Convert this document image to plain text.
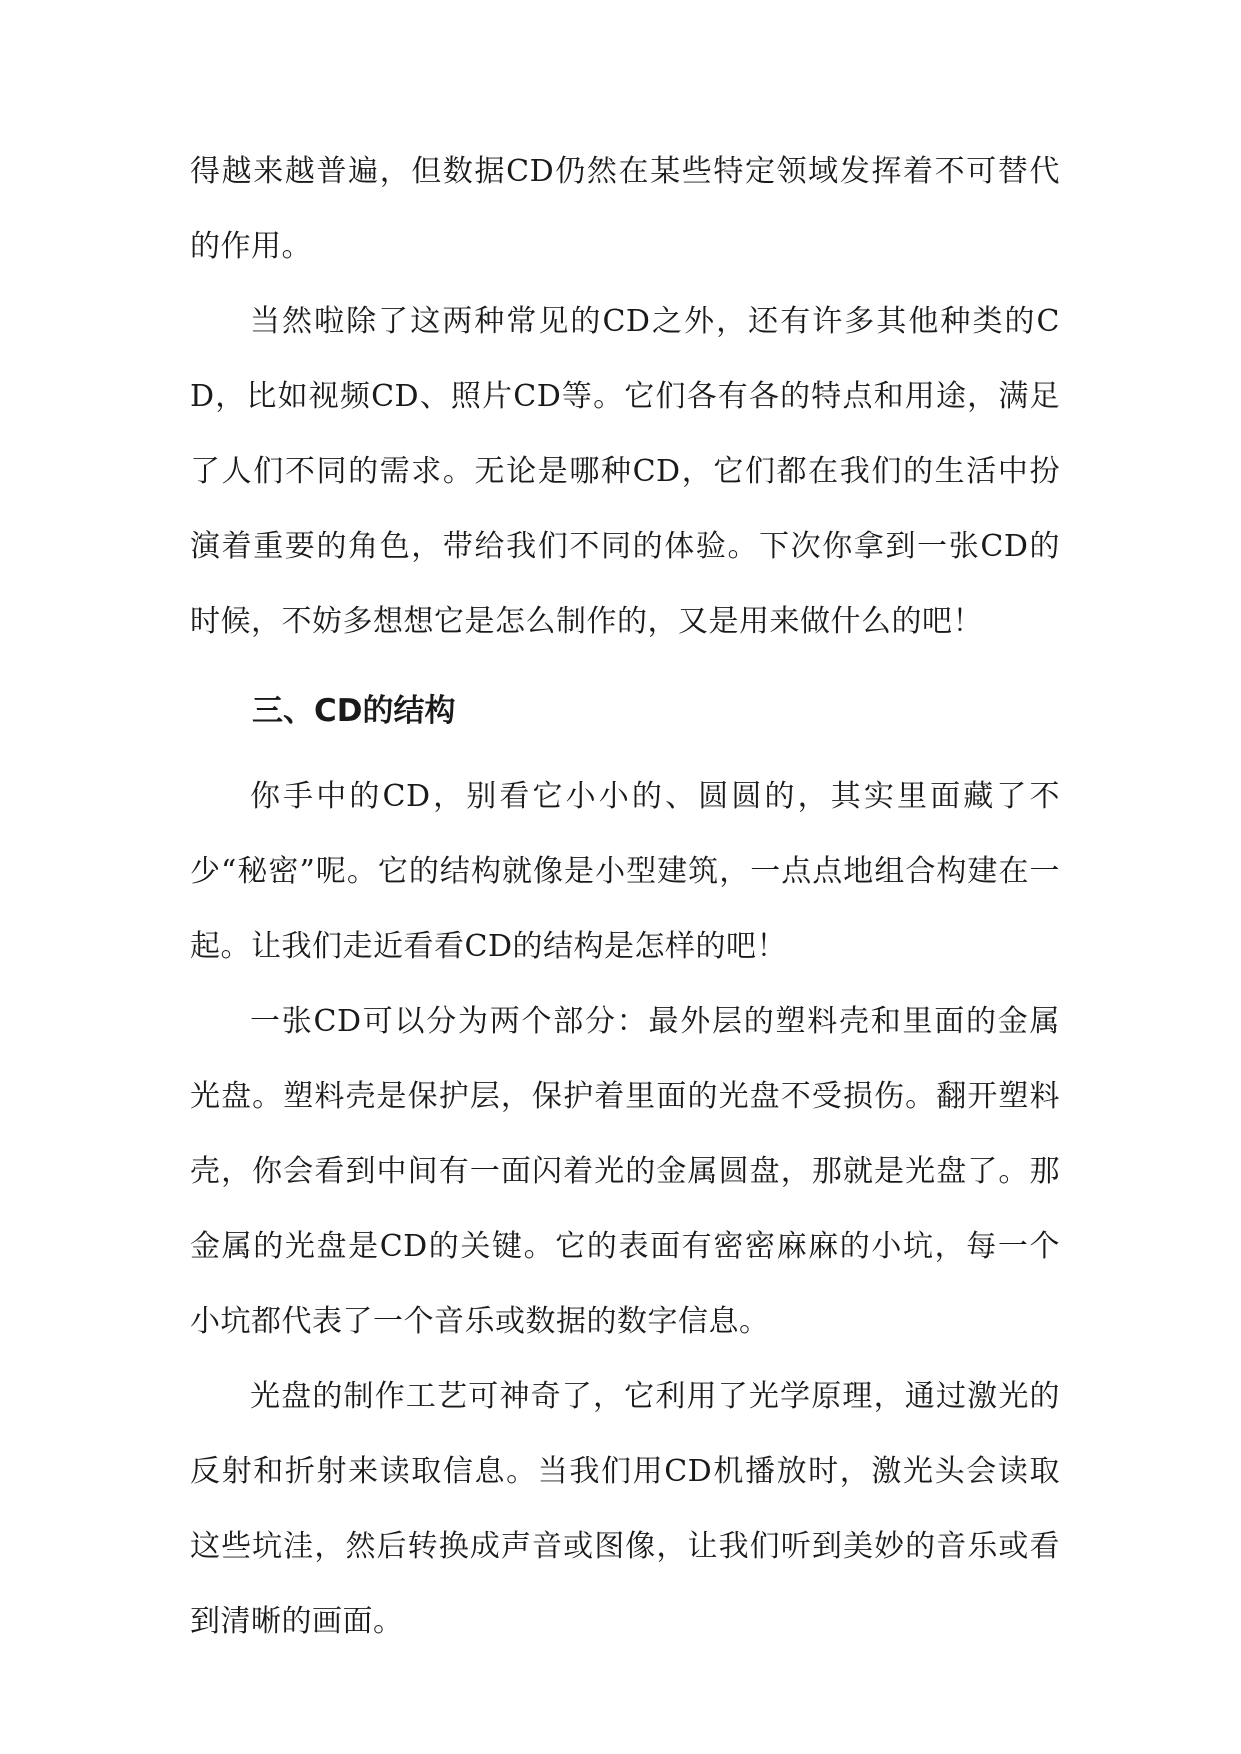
得越来越普遍，但数据CD仍然在某些特定领域发挥着不可替代的作用。

当然啦除了这两种常见的CD之外，还有许多其他种类的CD，比如视频CD、照片CD等。它们各有各的特点和用途，满足了人们不同的需求。无论是哪种CD，它们都在我们的生活中扮演着重要的角色，带给我们不同的体验。下次你拿到一张CD的时候，不妨多想想它是怎么制作的，又是用来做什么的吧！

三、CD的结构

你手中的CD，别看它小小的、圆圆的，其实里面藏了不少“秘密”呢。它的结构就像是小型建筑，一点点地组合构建在一起。让我们走近看看CD的结构是怎样的吧！

一张CD可以分为两个部分：最外层的塑料壳和里面的金属光盘。塑料壳是保护层，保护着里面的光盘不受损伤。翻开塑料壳，你会看到中间有一面闪着光的金属圆盘，那就是光盘了。那金属的光盘是CD的关键。它的表面有密密麻麻的小坑，每一个小坑都代表了一个音乐或数据的数字信息。

光盘的制作工艺可神奇了，它利用了光学原理，通过激光的反射和折射来读取信息。当我们用CD机播放时，激光头会读取这些坑洼，然后转换成声音或图像，让我们听到美妙的音乐或看到清晰的画面。
